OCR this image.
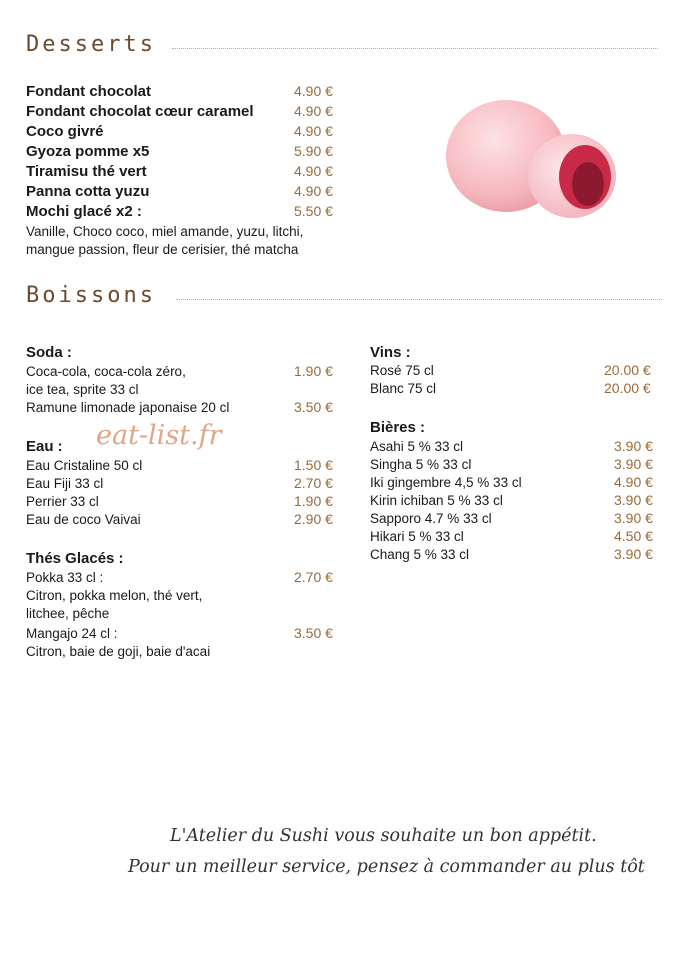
Desserts
Fondant chocolat	4.90 €
Fondant chocolat cœur caramel	4.90 €
Coco givré	4.90 €
Gyoza pomme x5	5.90 €
Tiramisu thé vert	4.90 €
Panna cotta yuzu	4.90 €
Mochi glacé x2 :	5.50 €
Vanille, Choco coco, miel amande, yuzu, litchi,
mangue passion, fleur de cerisier, thé matcha
Boissons
Soda :
Coca-cola, coca-cola zéro,	1.90 €
ice tea, sprite 33 cl
Ramune limonade japonaise 20 cl	3.50 €
Eau : eat-list.fr
Eau Cristaline 50 cl	1.50 €
Eau Fiji 33 cl	2.70 €
Perrier 33 cl	1.90 €
Eau de coco Vaivai	2.90 €
Thés Glacés :
Pokka 33 cl :	2.70 €
Citron, pokka melon, thé vert,
litchee, pêche
Mangajo 24 cl :	3.50 €
Citron, baie de goji, baie d'acai
Vins :
Rosé 75 cl	20.00 €
Blanc 75 cl	20.00 €
Bières :
Asahi 5 % 33 cl	3.90 €
Singha 5 % 33 cl	3.90 €
Iki gingembre 4,5 % 33 cl	4.90 €
Kirin ichiban 5 % 33 cl	3.90 €
Sapporo 4.7 % 33 cl	3.90 €
Hikari 5 % 33 cl	4.50 €
Chang 5 % 33 cl	3.90 €
L'Atelier du Sushi vous souhaite un bon appétit.
Pour un meilleur service, pensez à commander au plus tôt
